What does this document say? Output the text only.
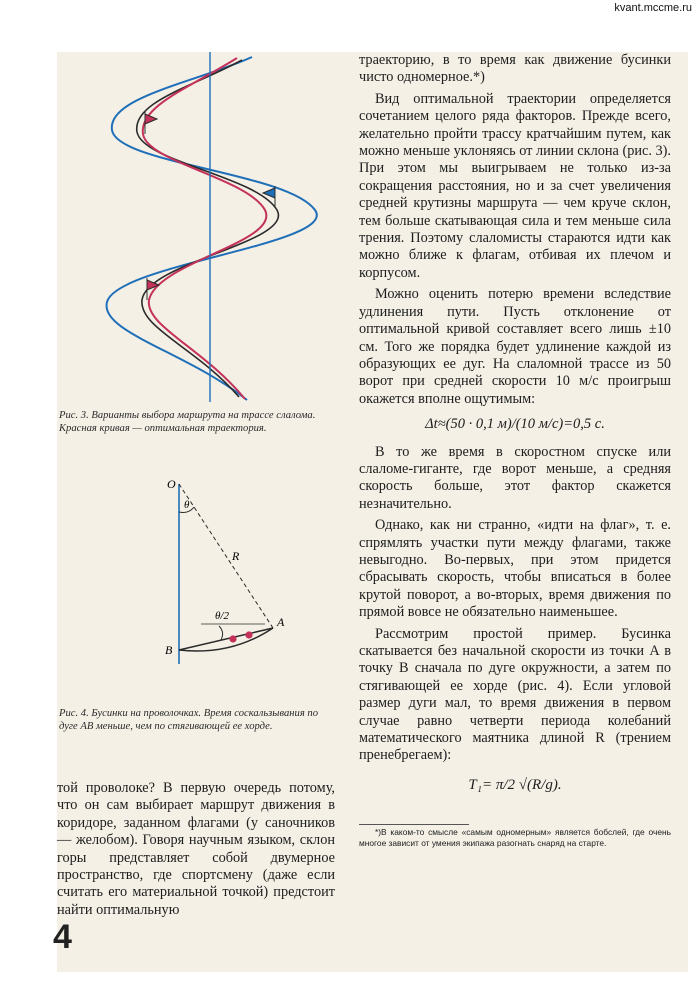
kvant.mccme.ru
Рис. 3. Варианты выбора маршрута на трассе слалома. Красная кривая — оптимальная траектория.
O
θ
R
θ/2	A
B
Рис. 4. Бусинки на проволочках. Время соскальзывания по дуге AB меньше, чем по стягивающей ее хорде.

той проволоке? В первую очередь потому, что он сам выбирает маршрут движения в коридоре, заданном флагами (у саночников — желобом). Говоря научным языком, склон горы представляет собой двумерное пространство, где спортсмену (даже если считать его материальной точкой) предстоит найти оптимальную

4

траекторию, в то время как движение бусинки чисто одномерное.*)

Вид оптимальной траектории определяется сочетанием целого ряда факторов. Прежде всего, желательно пройти трассу кратчайшим путем, как можно меньше уклоняясь от линии склона (рис. 3). При этом мы выигрываем не только из-за сокращения расстояния, но и за счет увеличения средней крутизны маршрута — чем круче склон, тем больше скатывающая сила и тем меньше сила трения. Поэтому слаломисты стараются идти как можно ближе к флагам, отбивая их плечом и корпусом.

Можно оценить потерю времени вследствие удлинения пути. Пусть отклонение от оптимальной кривой составляет всего лишь ±10 см. Того же порядка будет удлинение каждой из образующих ее дуг. На слаломной трассе из 50 ворот при средней скорости 10 м/с проигрыш окажется вполне ощутимым:

Δt≈(50 · 0,1 м)/(10 м/с)=0,5 с.

В то же время в скоростном спуске или слаломе-гиганте, где ворот меньше, а средняя скорость больше, этот фактор скажется незначительно.

Однако, как ни странно, «идти на флаг», т. е. спрямлять участки пути между флагами, также невыгодно. Во-первых, при этом придется сбрасывать скорость, чтобы вписаться в более крутой поворот, а во-вторых, время движения по прямой вовсе не обязательно наименьшее.

Рассмотрим простой пример. Бусинка скатывается без начальной скорости из точки A в точку B сначала по дуге окружности, а затем по стягивающей ее хорде (рис. 4). Если угловой размер дуги мал, то время движения в первом случае равно четверти периода колебаний математического маятника длиной R (трением пренебрегаем):

T₁= π/2 √(R/g).

*)В каком-то смысле «самым одномерным» является бобслей, где очень многое зависит от умения экипажа разогнать снаряд на старте.
